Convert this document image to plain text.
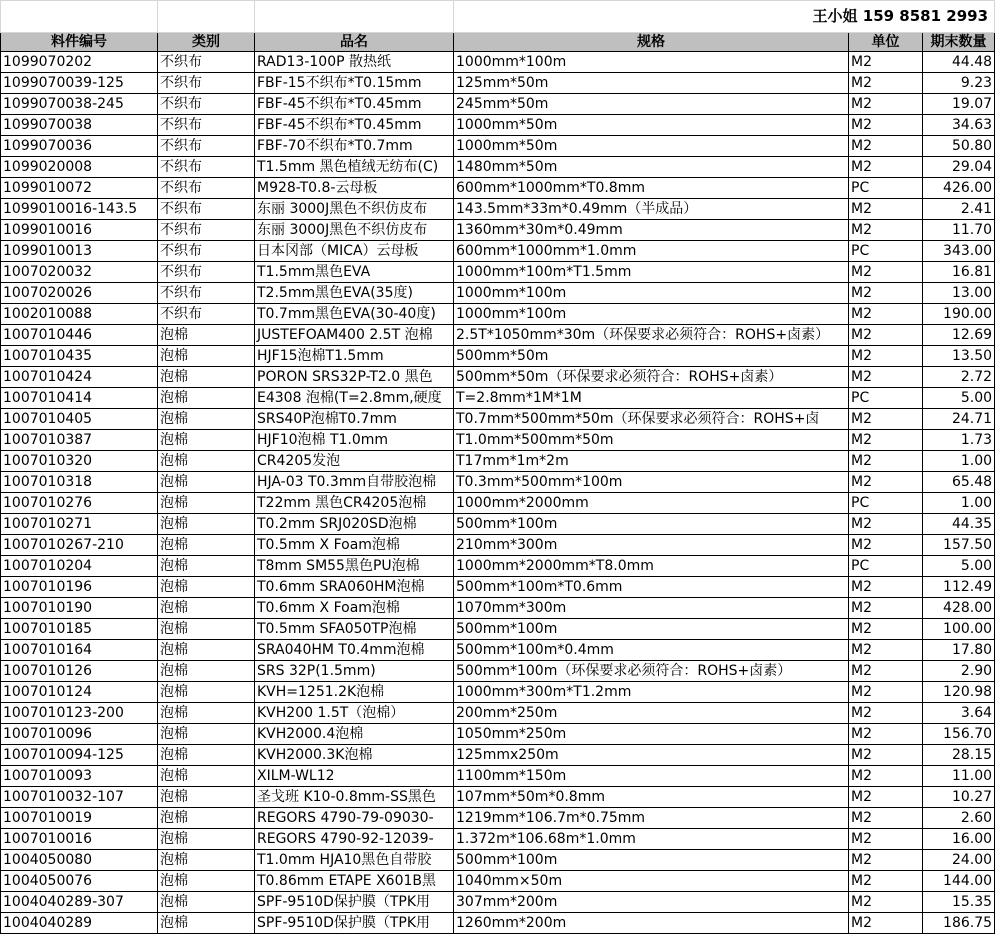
			王小姐 159 8581 2993		
料件编号	类别	品名	规格	单位	期末数量
1099070202	不织布	RAD13-100P 散热纸	1000mm*100m	M2	44.48
1099070039-125	不织布	FBF-15不织布*T0.15mm	125mm*50m	M2	9.23
1099070038-245	不织布	FBF-45不织布*T0.45mm	245mm*50m	M2	19.07
1099070038	不织布	FBF-45不织布*T0.45mm	1000mm*50m	M2	34.63
1099070036	不织布	FBF-70不织布*T0.7mm	1000mm*50m	M2	50.80
1099020008	不织布	T1.5mm 黑色植绒无纺布(C)	1480mm*50m	M2	29.04
1099010072	不织布	M928-T0.8-云母板	600mm*1000mm*T0.8mm	PC	426.00
1099010016-143.5	不织布	东丽 3000J黑色不织仿皮布	143.5mm*33m*0.49mm（半成品）	M2	2.41
1099010016	不织布	东丽 3000J黑色不织仿皮布	1360mm*30m*0.49mm	M2	11.70
1099010013	不织布	日本冈部（MICA）云母板	600mm*1000mm*1.0mm	PC	343.00
1007020032	不织布	T1.5mm黑色EVA	1000mm*100m*T1.5mm	M2	16.81
1007020026	不织布	T2.5mm黑色EVA(35度)	1000mm*100m	M2	13.00
1002010088	不织布	T0.7mm黑色EVA(30-40度)	1000mm*100m	M2	190.00
1007010446	泡棉	JUSTEFOAM400 2.5T 泡棉	2.5T*1050mm*30m（环保要求必须符合：ROHS+卤素）	M2	12.69
1007010435	泡棉	HJF15泡棉T1.5mm	500mm*50m	M2	13.50
1007010424	泡棉	PORON SRS32P-T2.0 黑色	500mm*50m（环保要求必须符合：ROHS+卤素）	M2	2.72
1007010414	泡棉	E4308 泡棉(T=2.8mm,硬度	T=2.8mm*1M*1M	PC	5.00
1007010405	泡棉	SRS40P泡棉T0.7mm	T0.7mm*500mm*50m（环保要求必须符合：ROHS+卤	M2	24.71
1007010387	泡棉	HJF10泡棉 T1.0mm	T1.0mm*500mm*50m	M2	1.73
1007010320	泡棉	CR4205发泡	T17mm*1m*2m	M2	1.00
1007010318	泡棉	HJA-03 T0.3mm自带胶泡棉	T0.3mm*500mm*100m	M2	65.48
1007010276	泡棉	T22mm 黑色CR4205泡棉	1000mm*2000mm	PC	1.00
1007010271	泡棉	T0.2mm SRJ020SD泡棉	500mm*100m	M2	44.35
1007010267-210	泡棉	T0.5mm X Foam泡棉	210mm*300m	M2	157.50
1007010204	泡棉	T8mm SM55黑色PU泡棉	1000mm*2000mm*T8.0mm	PC	5.00
1007010196	泡棉	T0.6mm SRA060HM泡棉	500mm*100m*T0.6mm	M2	112.49
1007010190	泡棉	T0.6mm X Foam泡棉	1070mm*300m	M2	428.00
1007010185	泡棉	T0.5mm SFA050TP泡棉	500mm*100m	M2	100.00
1007010164	泡棉	SRA040HM T0.4mm泡棉	500mm*100m*0.4mm	M2	17.80
1007010126	泡棉	SRS 32P(1.5mm)	500mm*100m（环保要求必须符合：ROHS+卤素）	M2	2.90
1007010124	泡棉	KVH=1251.2K泡棉	1000mm*300m*T1.2mm	M2	120.98
1007010123-200	泡棉	KVH200 1.5T（泡棉）	200mm*250m	M2	3.64
1007010096	泡棉	KVH2000.4泡棉	1050mm*250m	M2	156.70
1007010094-125	泡棉	KVH2000.3K泡棉	125mmx250m	M2	28.15
1007010093	泡棉	XILM-WL12	1100mm*150m	M2	11.00
1007010032-107	泡棉	圣戈班 K10-0.8mm-SS黑色	107mm*50m*0.8mm	M2	10.27
1007010019	泡棉	REGORS 4790-79-09030-	1219mm*106.7m*0.75mm	M2	2.60
1007010016	泡棉	REGORS 4790-92-12039-	1.372m*106.68m*1.0mm	M2	16.00
1004050080	泡棉	T1.0mm HJA10黑色自带胶	500mm*100m	M2	24.00
1004050076	泡棉	T0.86mm ETAPE X601B黑	1040mm×50m	M2	144.00
1004040289-307	泡棉	SPF-9510D保护膜（TPK用	307mm*200m	M2	15.35
1004040289	泡棉	SPF-9510D保护膜（TPK用	1260mm*200m	M2	186.75
